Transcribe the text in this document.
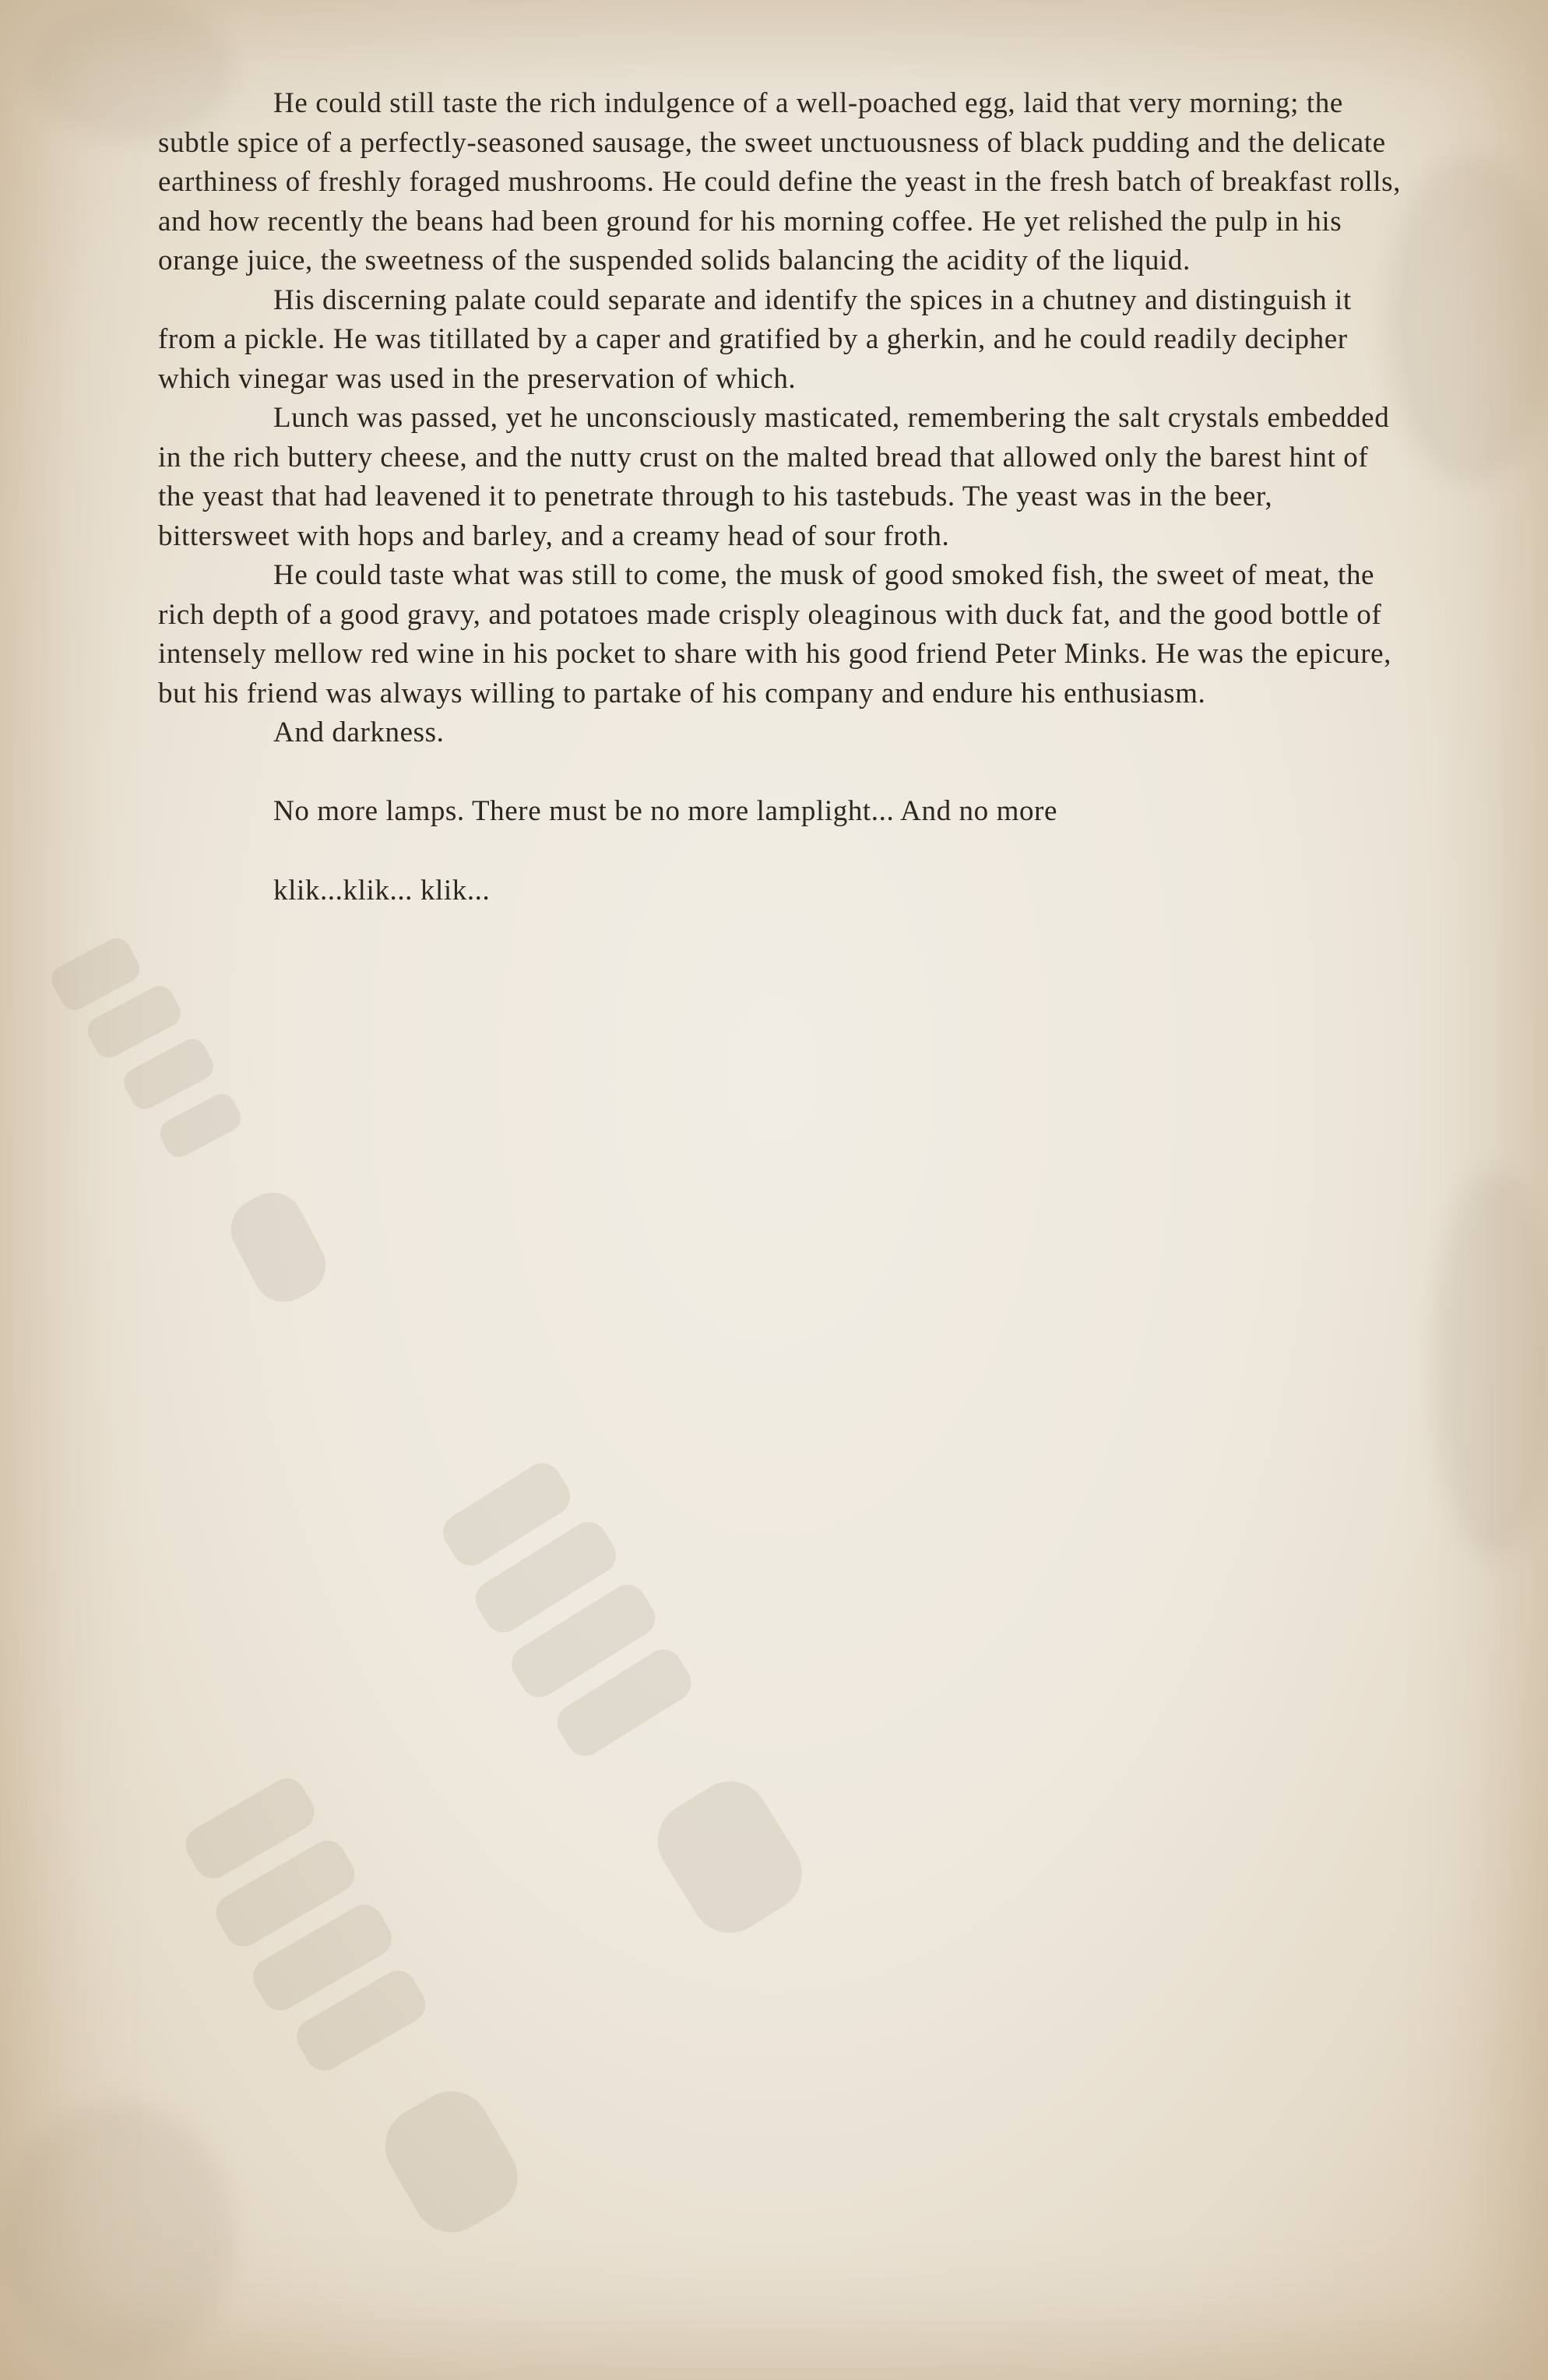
He could still taste the rich indulgence of a well-poached egg, laid that very morning; the subtle spice of a perfectly-seasoned sausage, the sweet unctuousness of black pudding and the delicate earthiness of freshly foraged mushrooms. He could define the yeast in the fresh batch of breakfast rolls, and how recently the beans had been ground for his morning coffee. He yet relished the pulp in his orange juice, the sweetness of the suspended solids balancing the acidity of the liquid.

His discerning palate could separate and identify the spices in a chutney and distinguish it from a pickle. He was titillated by a caper and gratified by a gherkin, and he could readily decipher which vinegar was used in the preservation of which.

Lunch was passed, yet he unconsciously masticated, remembering the salt crystals embedded in the rich buttery cheese, and the nutty crust on the malted bread that allowed only the barest hint of the yeast that had leavened it to penetrate through to his tastebuds. The yeast was in the beer, bittersweet with hops and barley, and a creamy head of sour froth.

He could taste what was still to come, the musk of good smoked fish, the sweet of meat, the rich depth of a good gravy, and potatoes made crisply oleaginous with duck fat, and the good bottle of intensely mellow red wine in his pocket to share with his good friend Peter Minks. He was the epicure, but his friend was always willing to partake of his company and endure his enthusiasm.

And darkness.

No more lamps. There must be no more lamplight... And no more

klik...klik... klik...
